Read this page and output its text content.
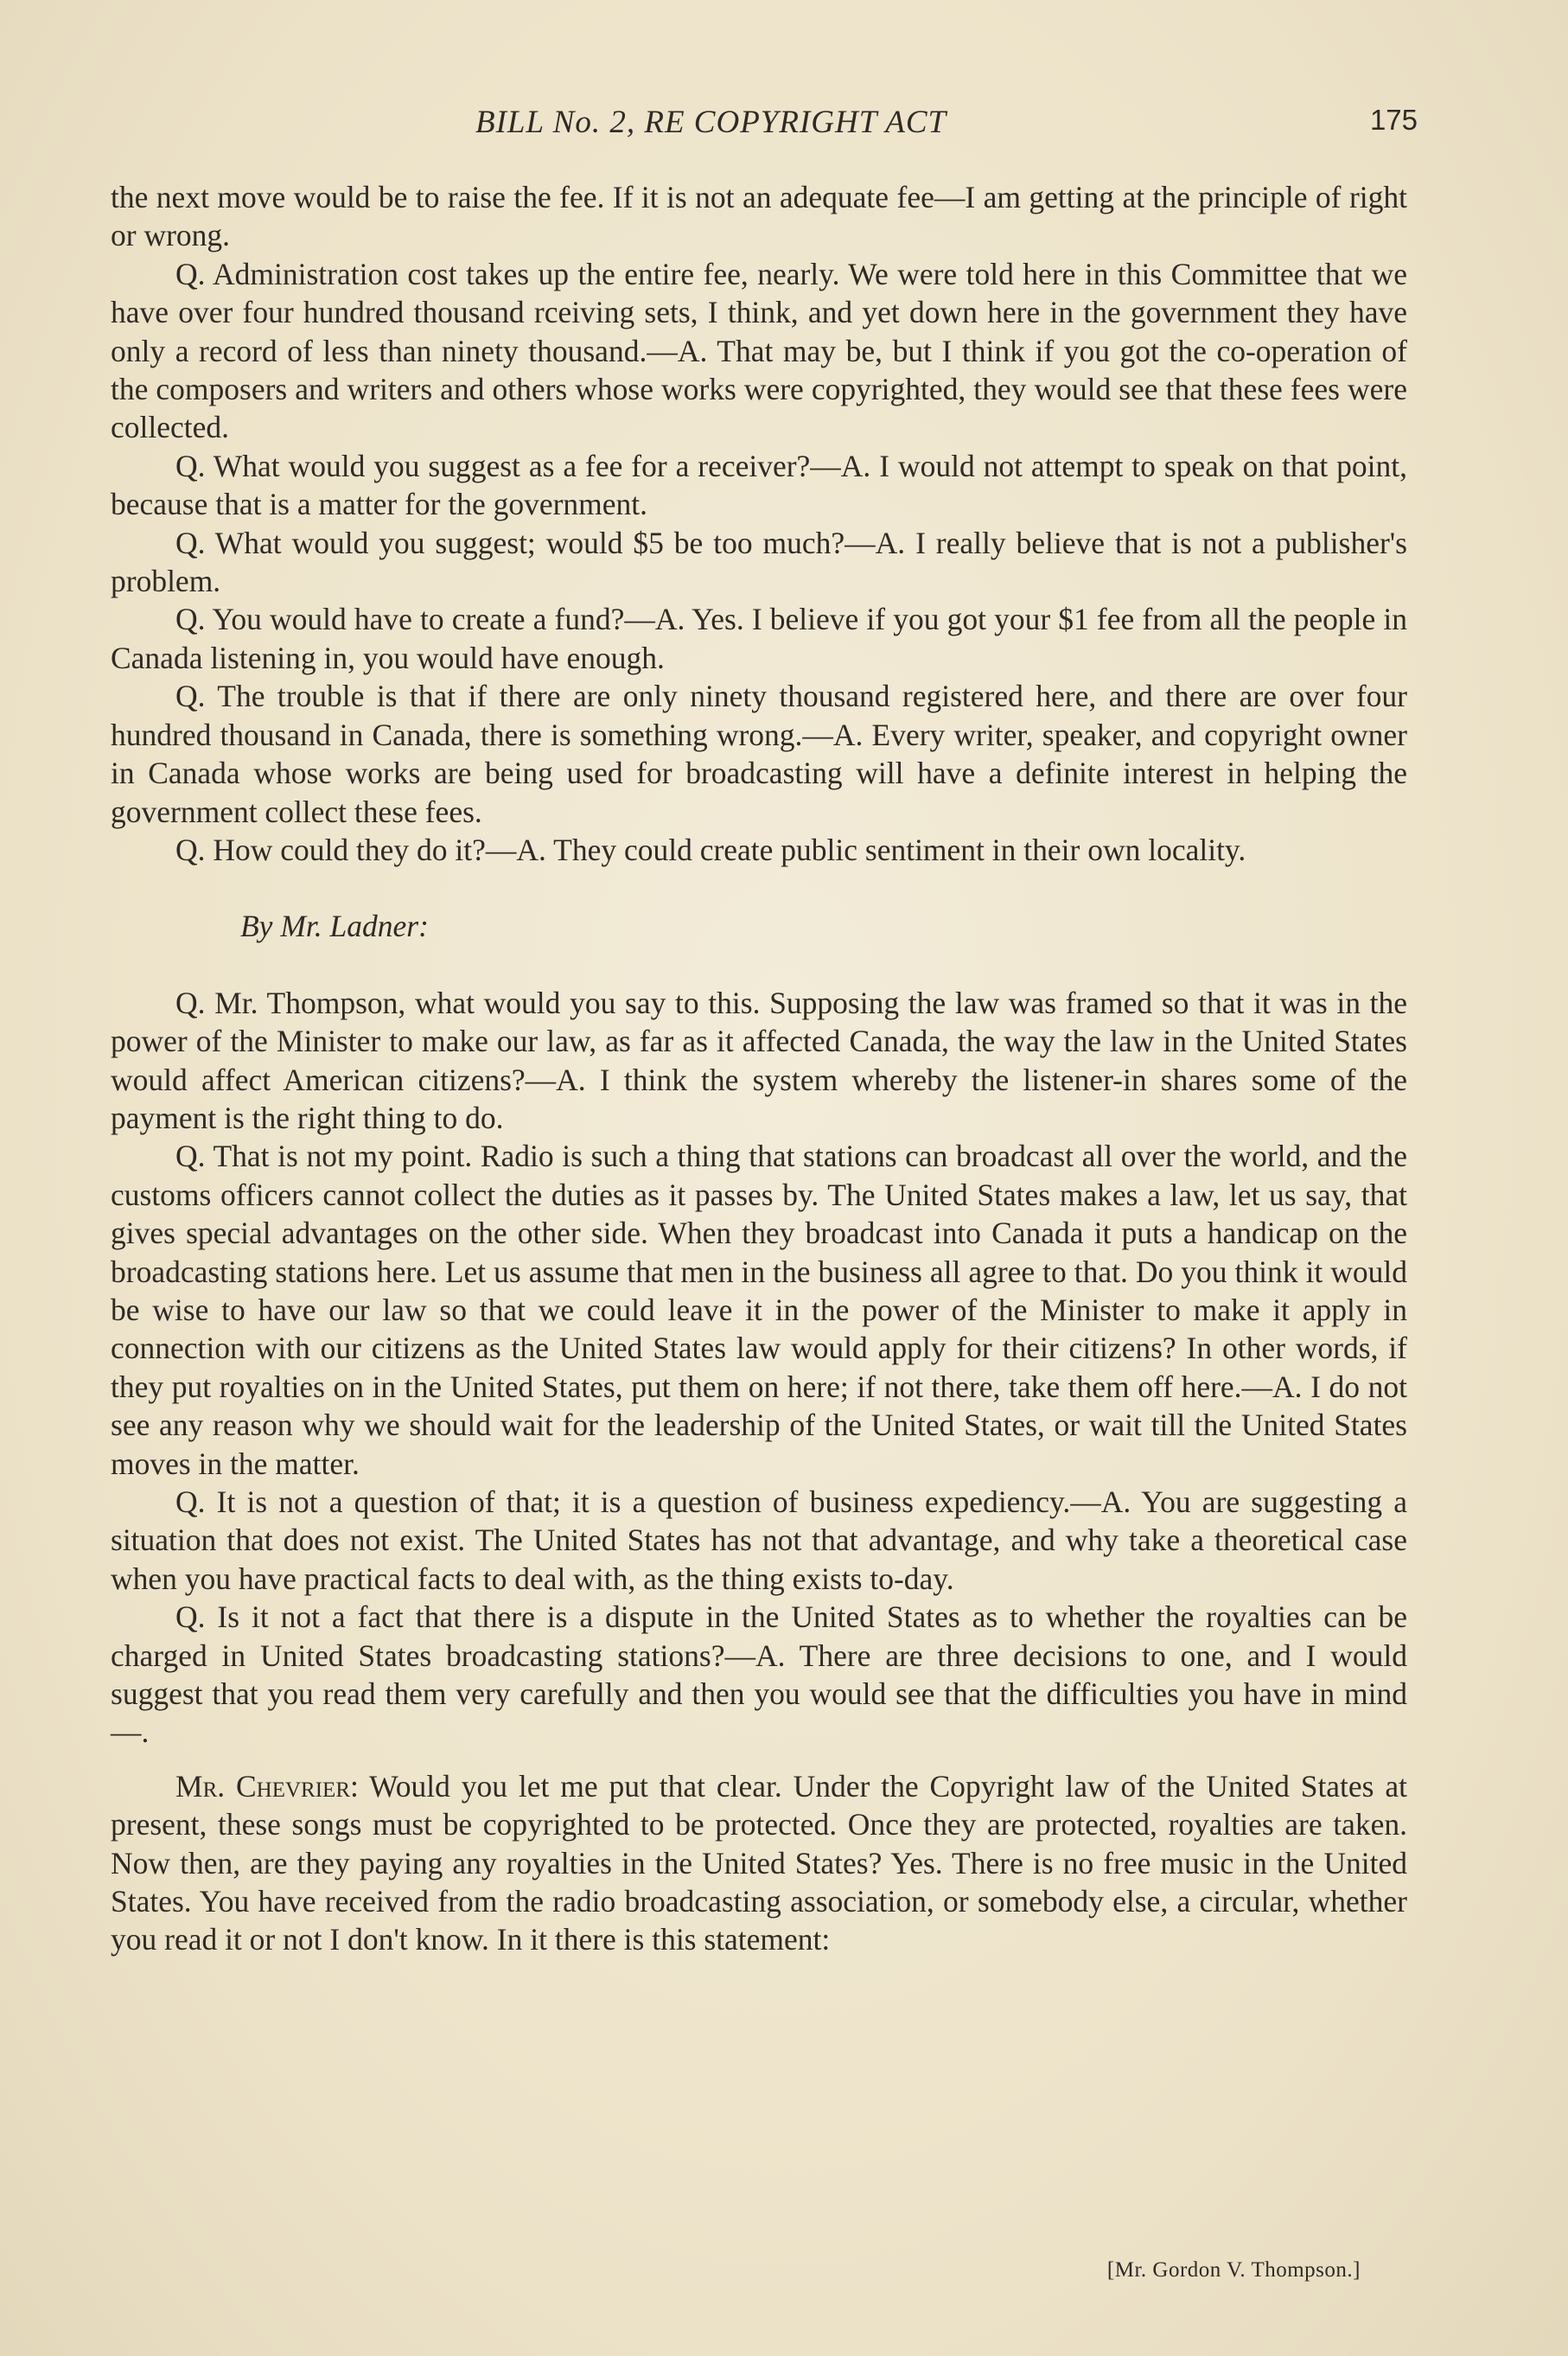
BILL No. 2, RE COPYRIGHT ACT	175

the next move would be to raise the fee. If it is not an adequate fee—I am getting at the principle of right or wrong.

Q. Administration cost takes up the entire fee, nearly. We were told here in this Committee that we have over four hundred thousand rceiving sets, I think, and yet down here in the government they have only a record of less than ninety thousand.—A. That may be, but I think if you got the co-operation of the composers and writers and others whose works were copyrighted, they would see that these fees were collected.

Q. What would you suggest as a fee for a receiver?—A. I would not attempt to speak on that point, because that is a matter for the government.

Q. What would you suggest; would $5 be too much?—A. I really believe that is not a publisher's problem.

Q. You would have to create a fund?—A. Yes. I believe if you got your $1 fee from all the people in Canada listening in, you would have enough.

Q. The trouble is that if there are only ninety thousand registered here, and there are over four hundred thousand in Canada, there is something wrong.—A. Every writer, speaker, and copyright owner in Canada whose works are being used for broadcasting will have a definite interest in helping the government collect these fees.

Q. How could they do it?—A. They could create public sentiment in their own locality.

By Mr. Ladner:

Q. Mr. Thompson, what would you say to this. Supposing the law was framed so that it was in the power of the Minister to make our law, as far as it affected Canada, the way the law in the United States would affect American citizens?—A. I think the system whereby the listener-in shares some of the payment is the right thing to do.

Q. That is not my point. Radio is such a thing that stations can broadcast all over the world, and the customs officers cannot collect the duties as it passes by. The United States makes a law, let us say, that gives special advantages on the other side. When they broadcast into Canada it puts a handicap on the broadcasting stations here. Let us assume that men in the business all agree to that. Do you think it would be wise to have our law so that we could leave it in the power of the Minister to make it apply in connection with our citizens as the United States law would apply for their citizens? In other words, if they put royalties on in the United States, put them on here; if not there, take them off here.—A. I do not see any reason why we should wait for the leadership of the United States, or wait till the United States moves in the matter.

Q. It is not a question of that; it is a question of business expediency.—A. You are suggesting a situation that does not exist. The United States has not that advantage, and why take a theoretical case when you have practical facts to deal with, as the thing exists to-day.

Q. Is it not a fact that there is a dispute in the United States as to whether the royalties can be charged in United States broadcasting stations?—A. There are three decisions to one, and I would suggest that you read them very carefully and then you would see that the difficulties you have in mind—.

Mr. Chevrier: Would you let me put that clear. Under the Copyright law of the United States at present, these songs must be copyrighted to be protected. Once they are protected, royalties are taken. Now then, are they paying any royalties in the United States? Yes. There is no free music in the United States. You have received from the radio broadcasting association, or somebody else, a circular, whether you read it or not I don't know. In it there is this statement:

[Mr. Gordon V. Thompson.]
